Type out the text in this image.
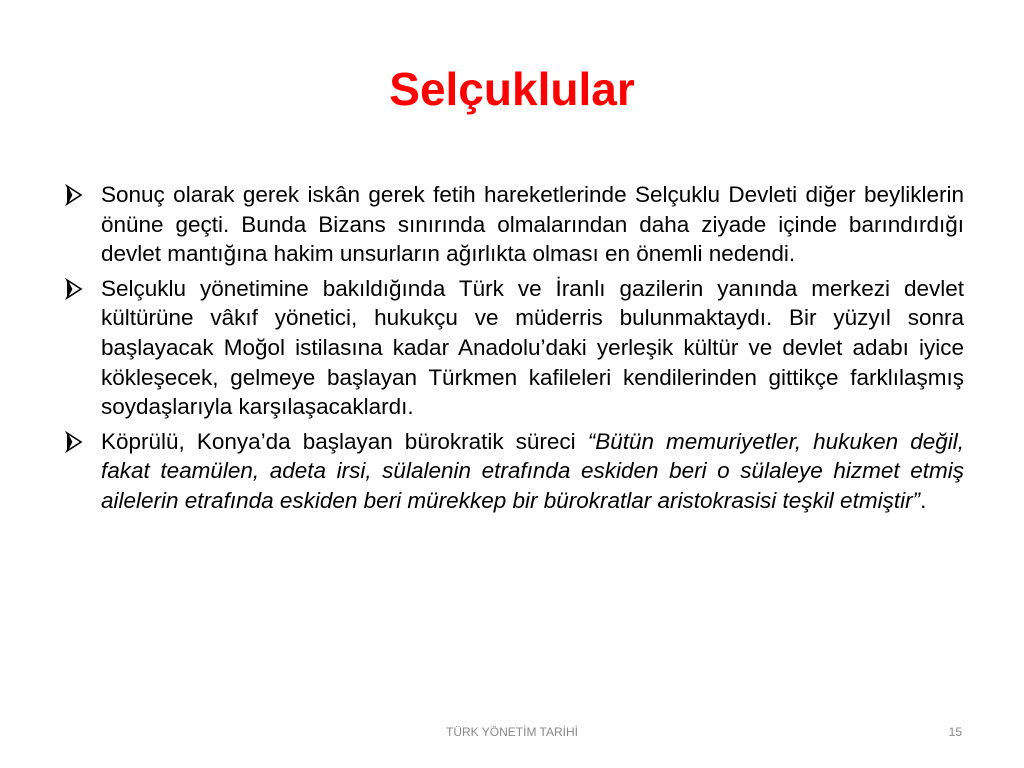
Selçuklular
Sonuç olarak gerek iskân gerek fetih hareketlerinde Selçuklu Devleti diğer beyliklerin önüne geçti. Bunda Bizans sınırında olmalarından daha ziyade içinde barındırdığı devlet mantığına hakim unsurların ağırlıkta olması en önemli nedendi.
Selçuklu yönetimine bakıldığında Türk ve İranlı gazilerin yanında merkezi devlet kültürüne vâkıf yönetici, hukukçu ve müderris bulunmaktaydı. Bir yüzyıl sonra başlayacak Moğol istilasına kadar Anadolu’daki yerleşik kültür ve devlet adabı iyice kökleşecek, gelmeye başlayan Türkmen kafileleri kendilerinden gittikçe farklılaşmış soydaşlarıyla karşılaşacaklardı.
Köprülü, Konya’da başlayan bürokratik süreci “Bütün memuriyetler, hukuken değil, fakat teamülen, adeta irsi, sülalenin etrafında eskiden beri o sülaleye hizmet etmiş ailelerin etrafında eskiden beri mürekkep bir bürokratlar aristokrasisi teşkil etmiştir”.
TÜRK YÖNETİM TARİHİ	15
